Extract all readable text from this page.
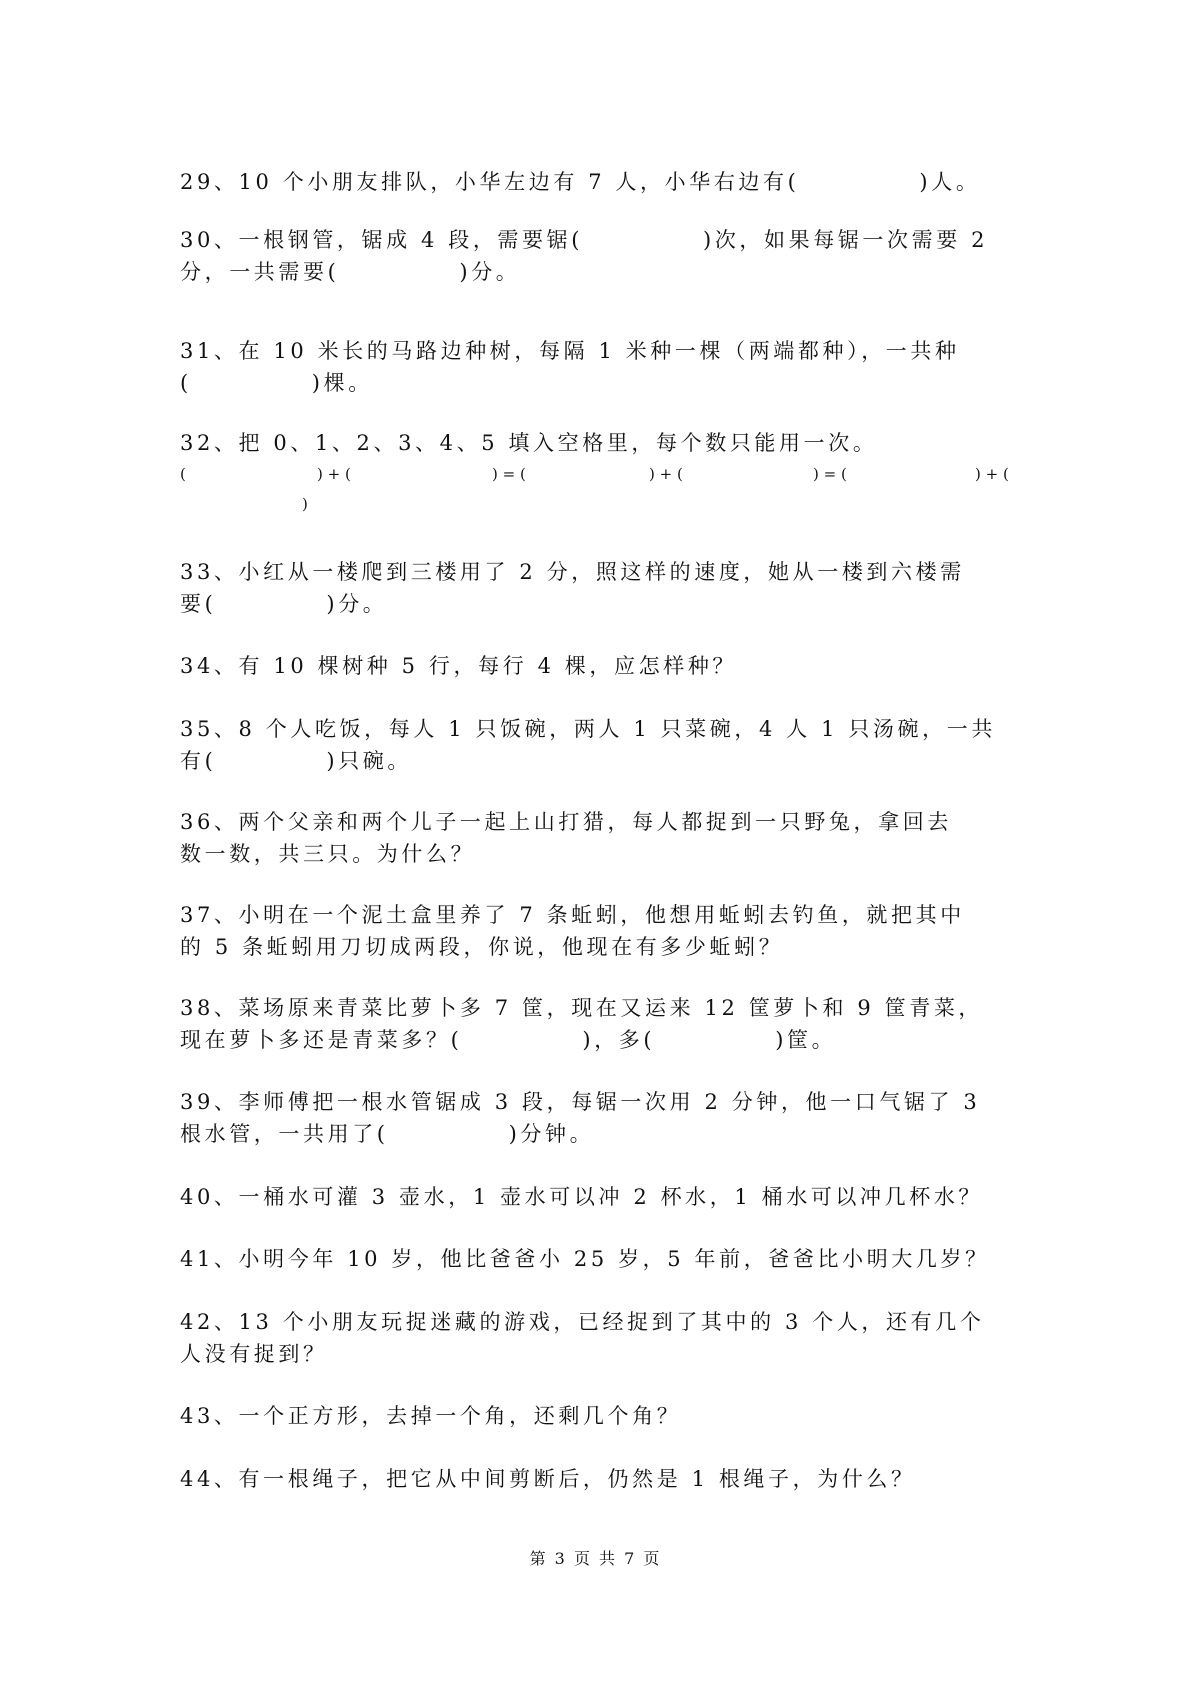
29、10 个小朋友排队，小华左边有 7 人，小华右边有(	)人。
30、一根钢管，锯成 4 段，需要锯(	)次，如果每锯一次需要 2
分，一共需要(	)分。
31、在 10 米长的马路边种树，每隔 1 米种一棵（两端都种），一共种
(	)棵。
32、把 0、1、2、3、4、5 填入空格里，每个数只能用一次。
(	) + (	) = (	) + (	) = (	) + (
)
33、小红从一楼爬到三楼用了 2 分，照这样的速度，她从一楼到六楼需
要(	)分。
34、有 10 棵树种 5 行，每行 4 棵，应怎样种？
35、8 个人吃饭，每人 1 只饭碗，两人 1 只菜碗，4 人 1 只汤碗，一共
有(	)只碗。
36、两个父亲和两个儿子一起上山打猎，每人都捉到一只野兔，拿回去
数一数，共三只。为什么？
37、小明在一个泥土盒里养了 7 条蚯蚓，他想用蚯蚓去钓鱼，就把其中
的 5 条蚯蚓用刀切成两段，你说，他现在有多少蚯蚓？
38、菜场原来青菜比萝卜多 7 筐，现在又运来 12 筐萝卜和 9 筐青菜，
现在萝卜多还是青菜多？(	)，多(	)筐。
39、李师傅把一根水管锯成 3 段，每锯一次用 2 分钟，他一口气锯了 3
根水管，一共用了(	)分钟。
40、一桶水可灌 3 壶水，1 壶水可以冲 2 杯水，1 桶水可以冲几杯水？
41、小明今年 10 岁，他比爸爸小 25 岁，5 年前，爸爸比小明大几岁？
42、13 个小朋友玩捉迷藏的游戏，已经捉到了其中的 3 个人，还有几个
人没有捉到？
43、一个正方形，去掉一个角，还剩几个角？
44、有一根绳子，把它从中间剪断后，仍然是 1 根绳子，为什么？
第 3 页 共 7 页
